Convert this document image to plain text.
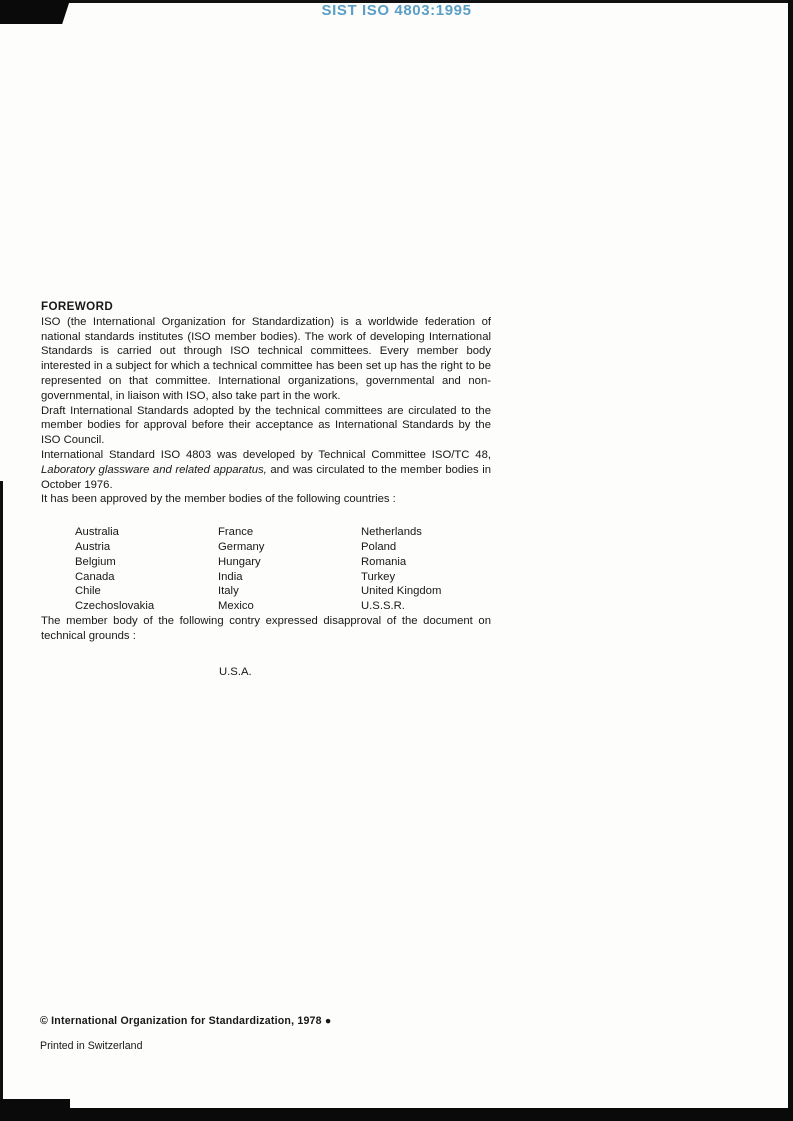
SIST ISO 4803:1995
FOREWORD

ISO (the International Organization for Standardization) is a worldwide federation of national standards institutes (ISO member bodies). The work of developing International Standards is carried out through ISO technical committees. Every member body interested in a subject for which a technical committee has been set up has the right to be represented on that committee. International organizations, governmental and non-governmental, in liaison with ISO, also take part in the work.

Draft International Standards adopted by the technical committees are circulated to the member bodies for approval before their acceptance as International Standards by the ISO Council.

International Standard ISO 4803 was developed by Technical Committee ISO/TC 48, Laboratory glassware and related apparatus, and was circulated to the member bodies in October 1976.

It has been approved by the member bodies of the following countries :

Australia
Austria
Belgium
Canada
Chile
Czechoslovakia
France
Germany
Hungary
India
Italy
Mexico
Netherlands
Poland
Romania
Turkey
United Kingdom
U.S.S.R.

The member body of the following contry expressed disapproval of the document on technical grounds :

U.S.A.
© International Organization for Standardization, 1978 ●
Printed in Switzerland
